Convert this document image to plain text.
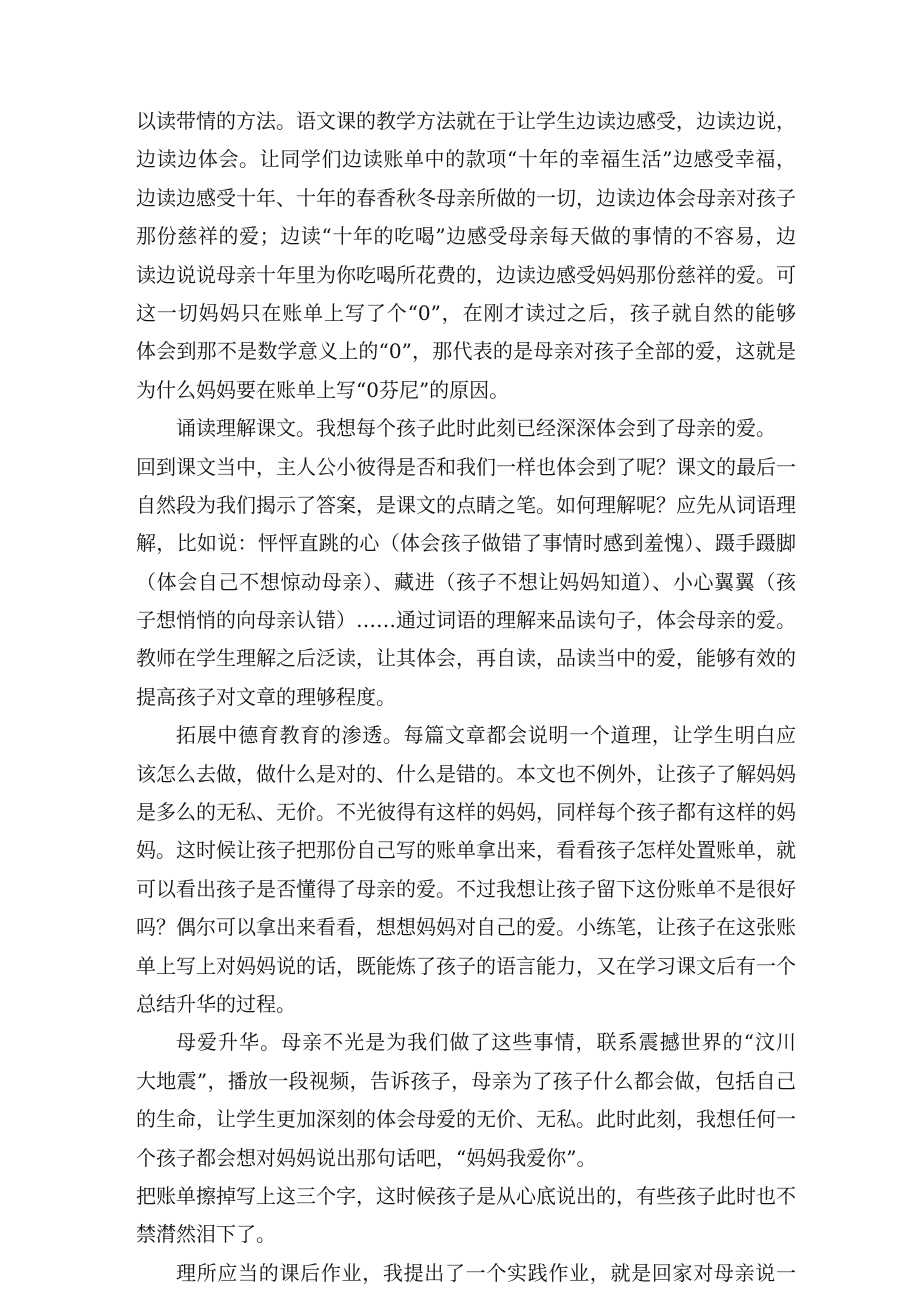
以读带情的方法。语文课的教学方法就在于让学生边读边感受，边读边说，
边读边体会。让同学们边读账单中的款项“十年的幸福生活”边感受幸福，
边读边感受十年、十年的春香秋冬母亲所做的一切，边读边体会母亲对孩子
那份慈祥的爱；边读“十年的吃喝”边感受母亲每天做的事情的不容易，边
读边说说母亲十年里为你吃喝所花费的，边读边感受妈妈那份慈祥的爱。可
这一切妈妈只在账单上写了个“0”，在刚才读过之后，孩子就自然的能够
体会到那不是数学意义上的“0”，那代表的是母亲对孩子全部的爱，这就是
为什么妈妈要在账单上写“0芬尼”的原因。
诵读理解课文。我想每个孩子此时此刻已经深深体会到了母亲的爱。
回到课文当中，主人公小彼得是否和我们一样也体会到了呢？课文的最后一
自然段为我们揭示了答案，是课文的点睛之笔。如何理解呢？应先从词语理
解，比如说：怦怦直跳的心（体会孩子做错了事情时感到羞愧）、蹑手蹑脚
（体会自己不想惊动母亲）、藏进（孩子不想让妈妈知道）、小心翼翼（孩
子想悄悄的向母亲认错）……通过词语的理解来品读句子，体会母亲的爱。
教师在学生理解之后泛读，让其体会，再自读，品读当中的爱，能够有效的
提高孩子对文章的理够程度。
拓展中德育教育的渗透。每篇文章都会说明一个道理，让学生明白应
该怎么去做，做什么是对的、什么是错的。本文也不例外，让孩子了解妈妈
是多么的无私、无价。不光彼得有这样的妈妈，同样每个孩子都有这样的妈
妈。这时候让孩子把那份自己写的账单拿出来，看看孩子怎样处置账单，就
可以看出孩子是否懂得了母亲的爱。不过我想让孩子留下这份账单不是很好
吗？偶尔可以拿出来看看，想想妈妈对自己的爱。小练笔，让孩子在这张账
单上写上对妈妈说的话，既能炼了孩子的语言能力，又在学习课文后有一个
总结升华的过程。
母爱升华。母亲不光是为我们做了这些事情，联系震撼世界的“汶川
大地震”，播放一段视频，告诉孩子，母亲为了孩子什么都会做，包括自己
的生命，让学生更加深刻的体会母爱的无价、无私。此时此刻，我想任何一
个孩子都会想对妈妈说出那句话吧，“妈妈我爱你”。
把账单擦掉写上这三个字，这时候孩子是从心底说出的，有些孩子此时也不
禁潸然泪下了。
理所应当的课后作业，我提出了一个实践作业，就是回家对母亲说一
